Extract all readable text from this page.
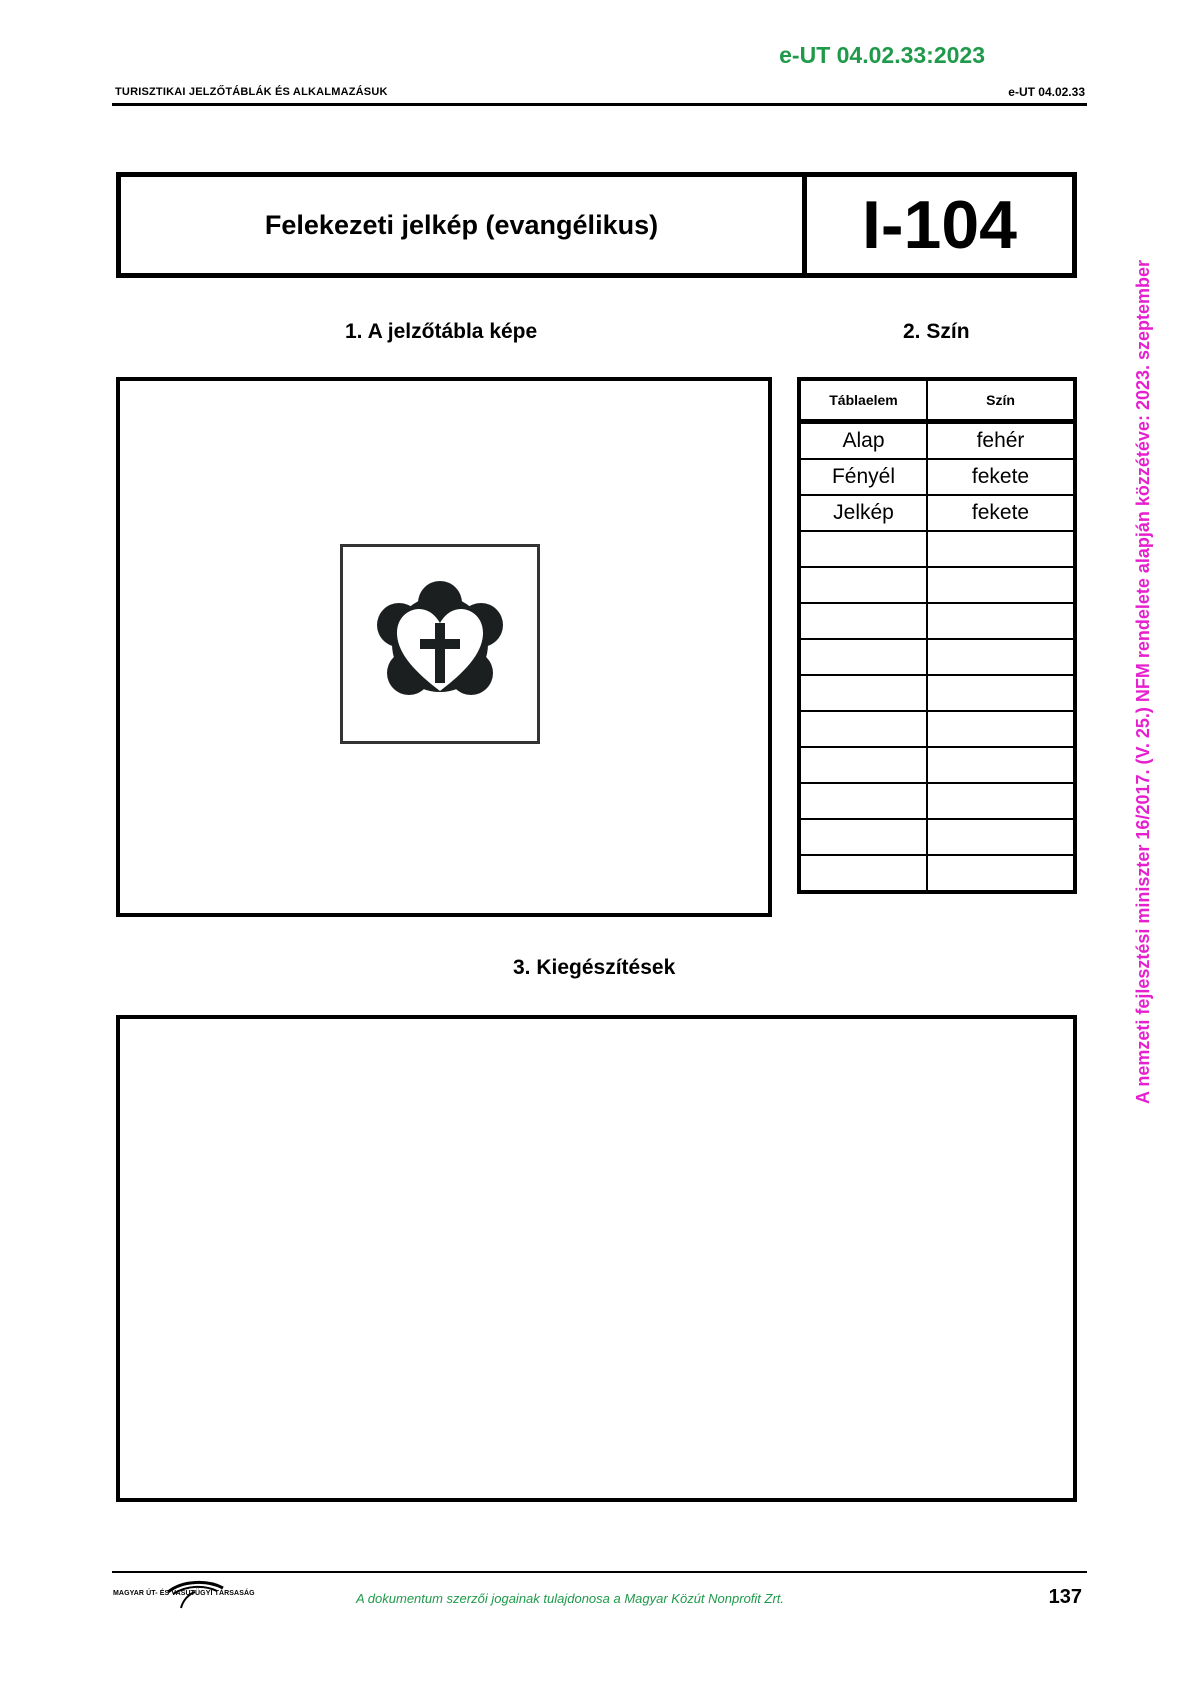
e-UT 04.02.33:2023
TURISZTIKAI JELZŐTÁBLÁK ÉS ALKALMAZÁSUK	e-UT 04.02.33
Felekezeti jelkép (evangélikus)	I-104
1. A jelzőtábla képe	2. Szín
Táblaelem	Szín
Alap	fehér
Fényél	fekete
Jelkép	fekete

3. Kiegészítések
MAGYAR ÚT- ÉS VASÚTÜGYI TÁRSASÁG	A dokumentum szerzői jogainak tulajdonosa a Magyar Közút Nonprofit Zrt.	137
A nemzeti fejlesztési miniszter 16/2017. (V. 25.) NFM rendelete alapján közzétéve: 2023. szeptember
